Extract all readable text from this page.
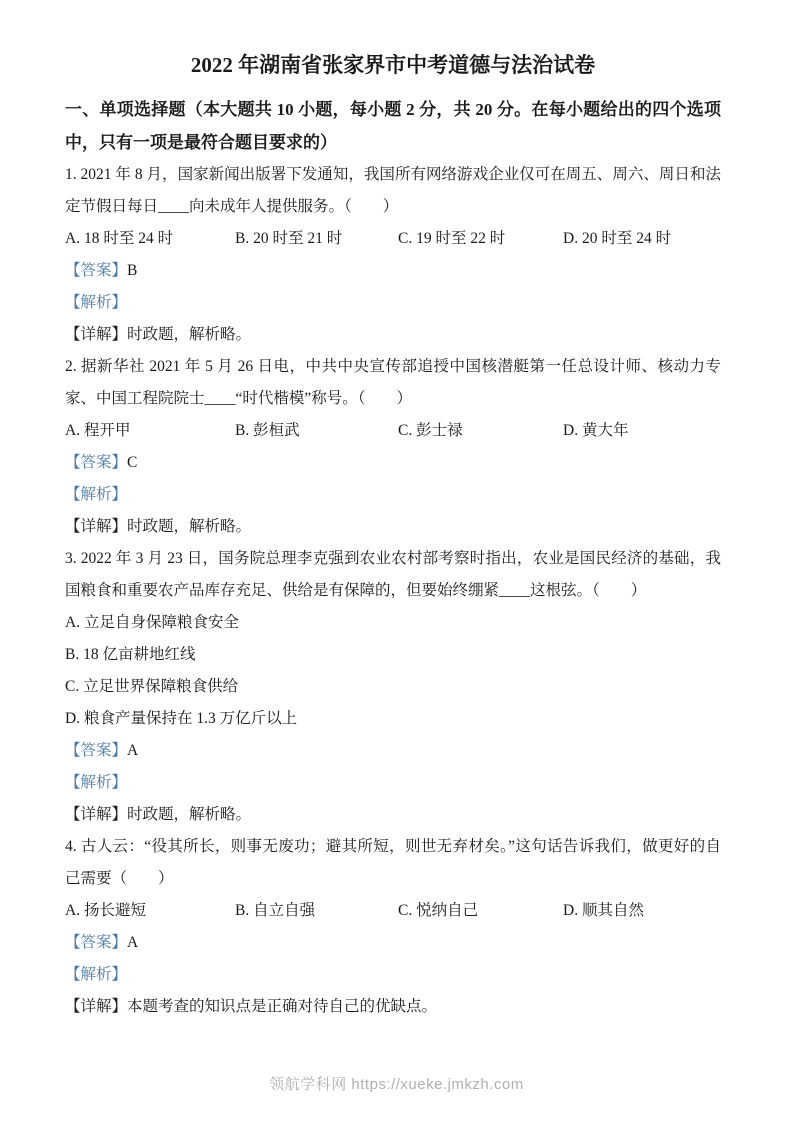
2022 年湖南省张家界市中考道德与法治试卷
一、单项选择题（本大题共 10 小题，每小题 2 分，共 20 分。在每小题给出的四个选项中，只有一项是最符合题目要求的）

1. 2021 年 8 月，国家新闻出版署下发通知，我国所有网络游戏企业仅可在周五、周六、周日和法定节假日每日____向未成年人提供服务。（　　）

A. 18 时至 24 时	B. 20 时至 21 时	C. 19 时至 22 时	D. 20 时至 24 时

【答案】B

【解析】

【详解】时政题，解析略。

2. 据新华社 2021 年 5 月 26 日电，中共中央宣传部追授中国核潜艇第一任总设计师、核动力专家、中国工程院院士____“时代楷模”称号。（　　）

A. 程开甲	B. 彭桓武	C. 彭士禄	D. 黄大年

【答案】C

【解析】

【详解】时政题，解析略。

3. 2022 年 3 月 23 日，国务院总理李克强到农业农村部考察时指出，农业是国民经济的基础，我国粮食和重要农产品库存充足、供给是有保障的，但要始终绷紧____这根弦。（　　）

A. 立足自身保障粮食安全
B. 18 亿亩耕地红线
C. 立足世界保障粮食供给
D. 粮食产量保持在 1.3 万亿斤以上

【答案】A

【解析】

【详解】时政题，解析略。

4. 古人云：“役其所长，则事无废功；避其所短，则世无弃材矣。”这句话告诉我们，做更好的自己需要（　　）

A. 扬长避短	B. 自立自强	C. 悦纳自己	D. 顺其自然

【答案】A

【解析】

【详解】本题考查的知识点是正确对待自己的优缺点。

领航学科网 https://xueke.jmkzh.com
